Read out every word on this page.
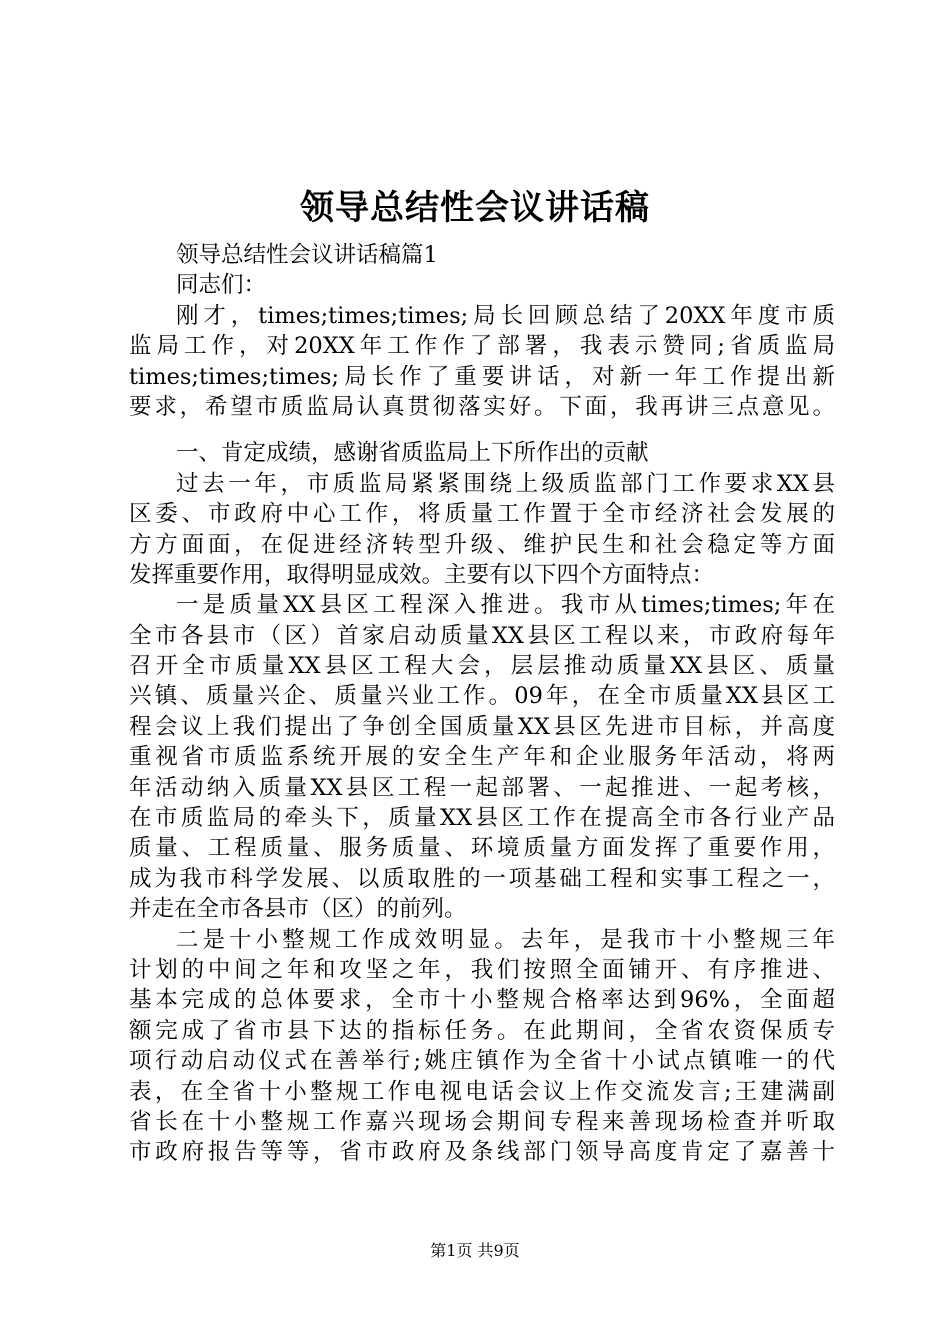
领导总结性会议讲话稿
领导总结性会议讲话稿篇1
同志们：
刚才，times;times;times;局长回顾总结了20XX年度市质
监局工作，对20XX年工作作了部署，我表示赞同;省质监局
times;times;times;局长作了重要讲话，对新一年工作提出新
要求，希望市质监局认真贯彻落实好。下面，我再讲三点意见。
一、肯定成绩，感谢省质监局上下所作出的贡献
过去一年，市质监局紧紧围绕上级质监部门工作要求XX县
区委、市政府中心工作，将质量工作置于全市经济社会发展的
方方面面，在促进经济转型升级、维护民生和社会稳定等方面
发挥重要作用，取得明显成效。主要有以下四个方面特点：
一是质量XX县区工程深入推进。我市从times;times;年在
全市各县市（区）首家启动质量XX县区工程以来，市政府每年
召开全市质量XX县区工程大会，层层推动质量XX县区、质量
兴镇、质量兴企、质量兴业工作。09年，在全市质量XX县区工
程会议上我们提出了争创全国质量XX县区先进市目标，并高度
重视省市质监系统开展的安全生产年和企业服务年活动，将两
年活动纳入质量XX县区工程一起部署、一起推进、一起考核，
在市质监局的牵头下，质量XX县区工作在提高全市各行业产品
质量、工程质量、服务质量、环境质量方面发挥了重要作用，
成为我市科学发展、以质取胜的一项基础工程和实事工程之一，
并走在全市各县市（区）的前列。
二是十小整规工作成效明显。去年，是我市十小整规三年
计划的中间之年和攻坚之年，我们按照全面铺开、有序推进、
基本完成的总体要求，全市十小整规合格率达到96%，全面超
额完成了省市县下达的指标任务。在此期间，全省农资保质专
项行动启动仪式在善举行;姚庄镇作为全省十小试点镇唯一的代
表，在全省十小整规工作电视电话会议上作交流发言;王建满副
省长在十小整规工作嘉兴现场会期间专程来善现场检查并听取
市政府报告等等，省市政府及条线部门领导高度肯定了嘉善十
第1页 共9页
